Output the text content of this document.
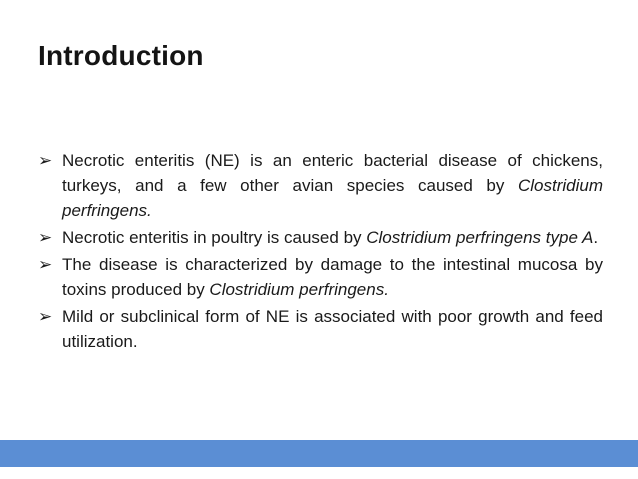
Introduction
➢ Necrotic enteritis (NE) is an enteric bacterial disease of chickens, turkeys, and a few other avian species caused by Clostridium perfringens.
➢ Necrotic enteritis in poultry is caused by Clostridium perfringens type A.
➢ The disease is characterized by damage to the intestinal mucosa by toxins produced by Clostridium perfringens.
➢ Mild or subclinical form of NE is associated with poor growth and feed utilization.
